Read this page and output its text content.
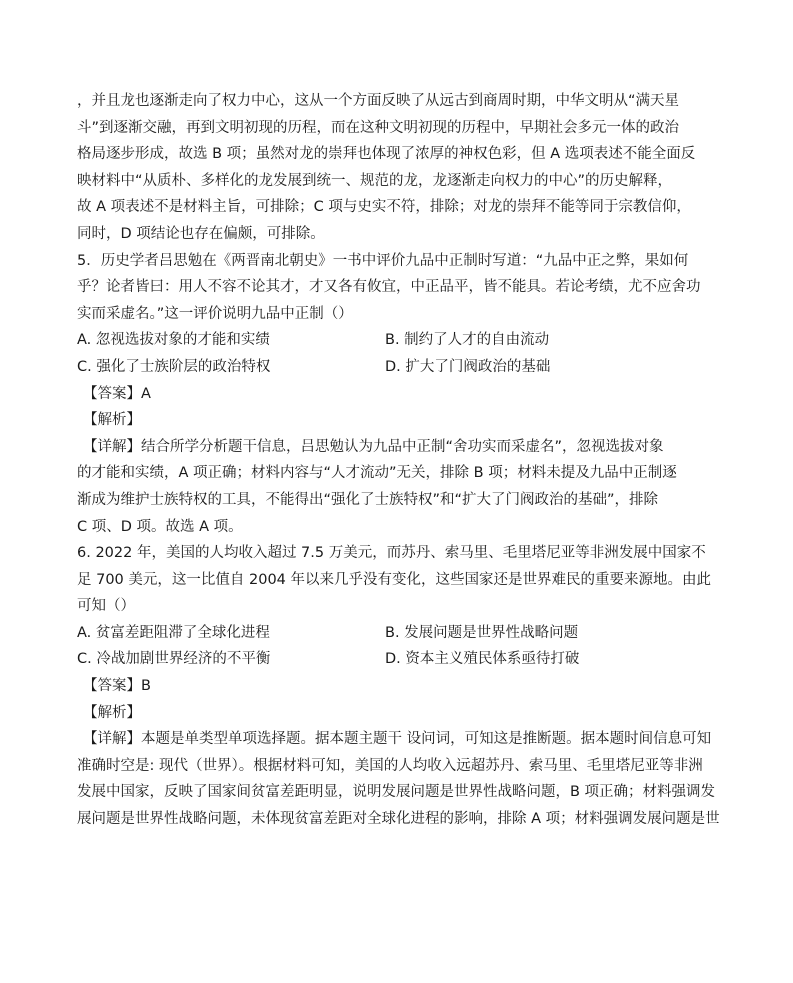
，并且龙也逐渐走向了权力中心，这从一个方面反映了从远古到商周时期，中华文明从“满天星
斗”到逐渐交融，再到文明初现的历程，而在这种文明初现的历程中，早期社会多元一体的政治
格局逐步形成，故选 B 项；虽然对龙的崇拜也体现了浓厚的神权色彩，但 A 选项表述不能全面反
映材料中“从质朴、多样化的龙发展到统一、规范的龙，龙逐渐走向权力的中心”的历史解释，
故 A 项表述不是材料主旨，可排除；C 项与史实不符，排除；对龙的崇拜不能等同于宗教信仰，
同时，D 项结论也存在偏颇，可排除。
5．历史学者吕思勉在《两晋南北朝史》一书中评价九品中正制时写道：“九品中正之弊，果如何
乎？论者皆曰：用人不容不论其才，才又各有攸宜，中正品平，皆不能具。若论考绩，尤不应舍功
实而采虚名。”这一评价说明九品中正制（）
A. 忽视选拔对象的才能和实绩	B. 制约了人才的自由流动
C. 强化了士族阶层的政治特权	D. 扩大了门阀政治的基础
【答案】A
【解析】
【详解】结合所学分析题干信息，吕思勉认为九品中正制“舍功实而采虚名”，忽视选拔对象
的才能和实绩，A 项正确；材料内容与“人才流动”无关，排除 B 项；材料未提及九品中正制逐
渐成为维护士族特权的工具，不能得出“强化了士族特权”和“扩大了门阀政治的基础”，排除
C 项、D 项。故选 A 项。
6. 2022 年，美国的人均收入超过 7.5 万美元，而苏丹、索马里、毛里塔尼亚等非洲发展中国家不
足 700 美元，这一比值自 2004 年以来几乎没有变化，这些国家还是世界难民的重要来源地。由此
可知（）
A. 贫富差距阻滞了全球化进程	B. 发展问题是世界性战略问题
C. 冷战加剧世界经济的不平衡	D. 资本主义殖民体系亟待打破
【答案】B
【解析】
【详解】本题是单类型单项选择题。据本题主题干 设问词，可知这是推断题。据本题时间信息可知
准确时空是: 现代（世界）。根据材料可知，美国的人均收入远超苏丹、索马里、毛里塔尼亚等非洲
发展中国家，反映了国家间贫富差距明显，说明发展问题是世界性战略问题，B 项正确；材料强调发
展问题是世界性战略问题，未体现贫富差距对全球化进程的影响，排除 A 项；材料强调发展问题是世
